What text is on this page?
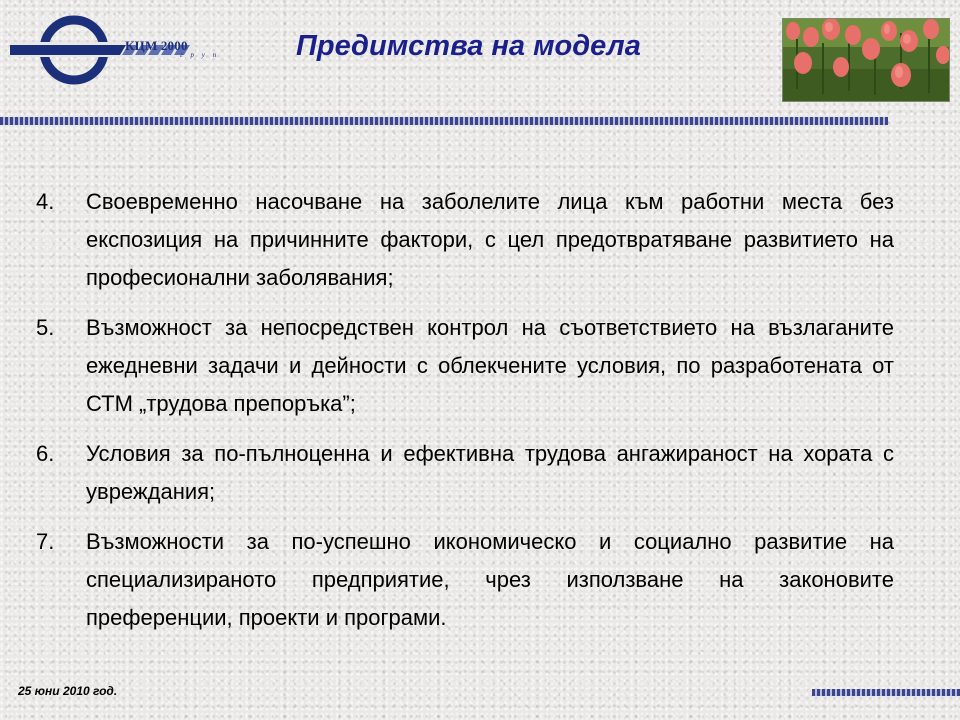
КЦМ 2000
г р у п	Предимства на модела
4.	Своевременно насочване на заболелите лица към работни места без експозиция на причинните фактори, с цел предотвратяване развитието на професионални заболявания;
5.	Възможност за непосредствен контрол на съответствието на възлаганите ежедневни задачи и дейности с облекчените условия, по разработената от СТМ „трудова препоръка”;
6.	Условия за по-пълноценна и ефективна трудова ангажираност на хората с увреждания;
7.	Възможности за по-успешно икономическо и социално развитие на специализираното предприятие, чрез използване на законовите преференции, проекти и програми.
25 юни 2010 год.
